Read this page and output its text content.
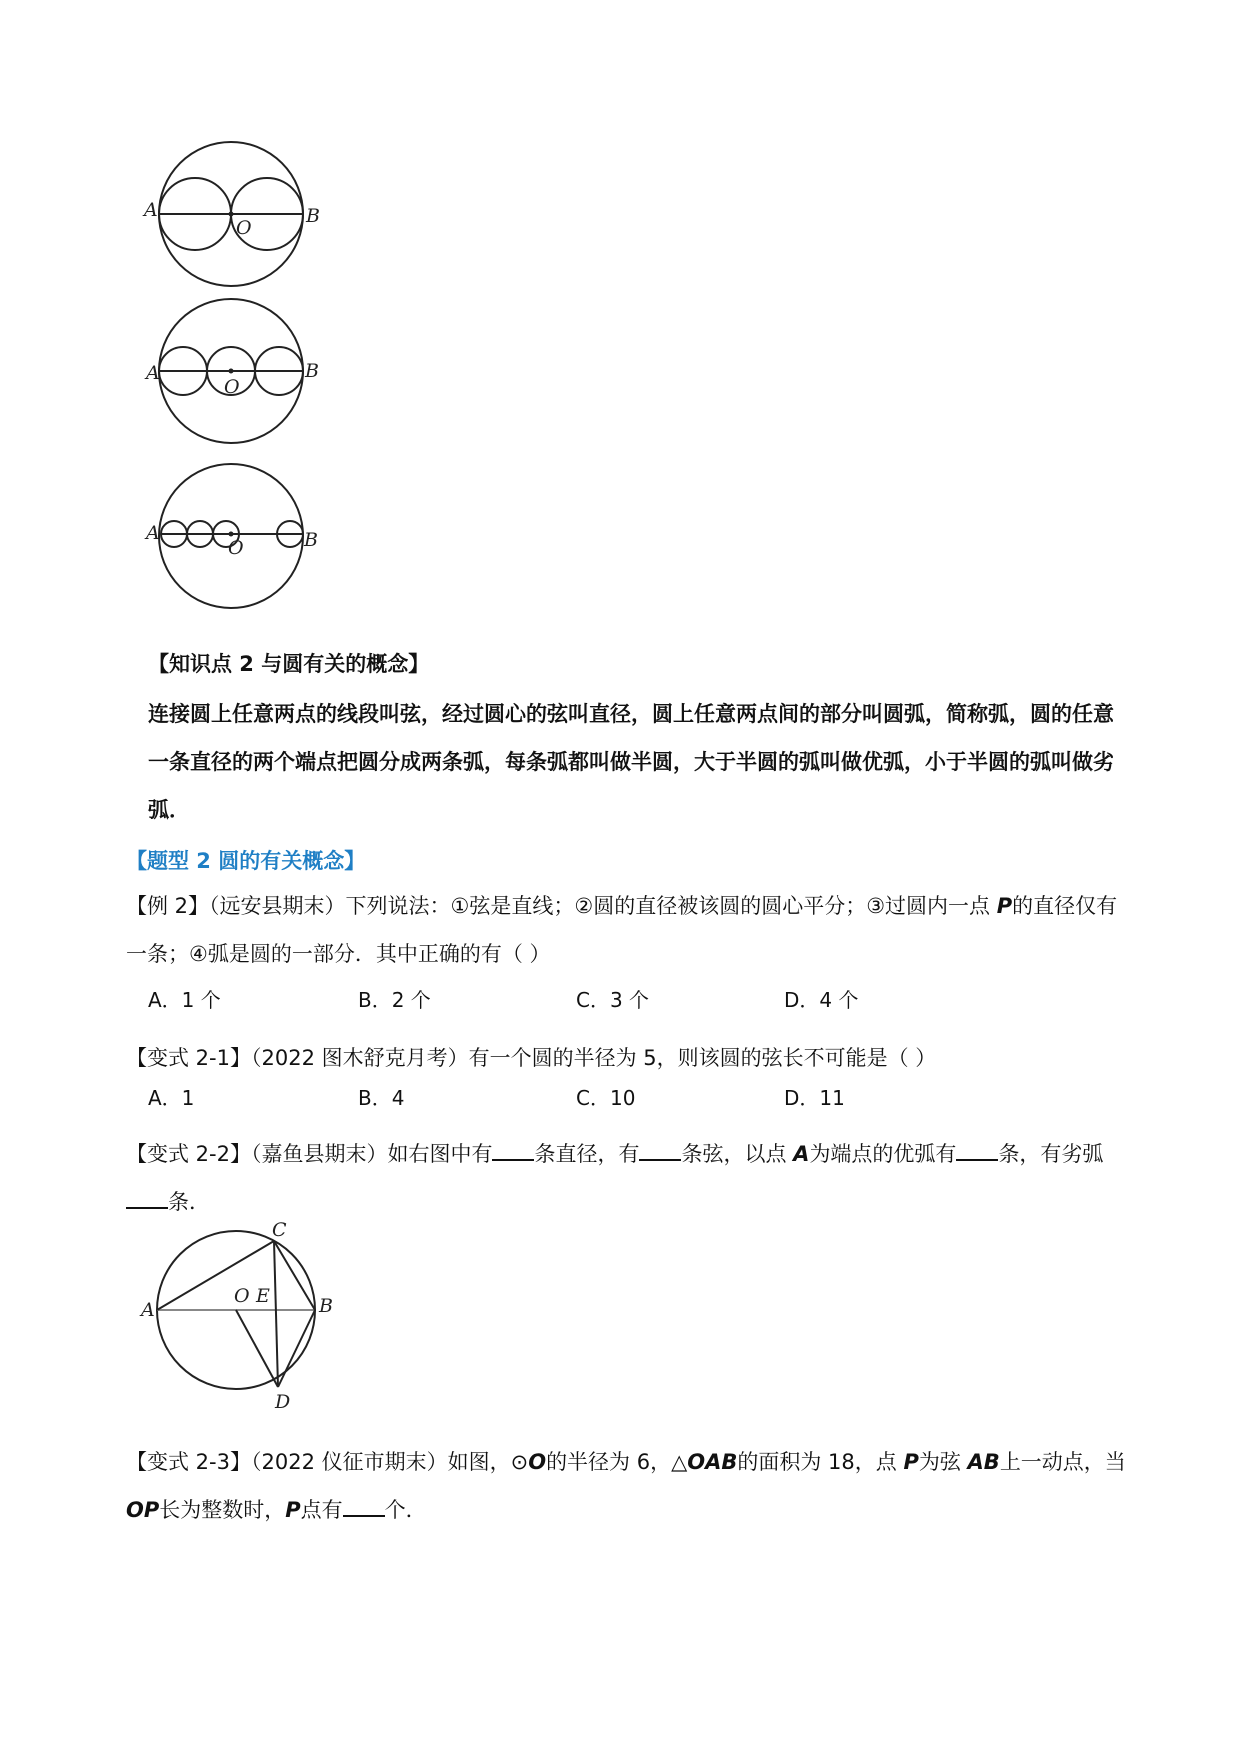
A	B
O
A	B
O
A	B
O
【知识点 2 与圆有关的概念】
连接圆上任意两点的线段叫弦，经过圆心的弦叫直径，圆上任意两点间的部分叫圆弧，简称弧，圆的任意一条直径的两个端点把圆分成两条弧，每条弧都叫做半圆，大于半圆的弧叫做优弧，小于半圆的弧叫做劣弧．
【题型 2 圆的有关概念】
【例 2】（远安县期末）下列说法：①弦是直线；②圆的直径被该圆的圆心平分；③过圆内一点 P的直径仅有一条；④弧是圆的一部分．其中正确的有（ ）
A．1 个	B．2 个	C．3 个	D．4 个
【变式 2-1】（2022 图木舒克月考）有一个圆的半径为 5，则该圆的弦长不可能是（ ）
A．1	B．4	C．10	D．11
【变式 2-2】（嘉鱼县期末）如右图中有 条直径，有 条弦，以点 A为端点的优弧有 条，有劣弧条．
A	B
C
D
O E
【变式 2-3】（2022 仪征市期末）如图，⊙O的半径为 6，△OAB的面积为 18，点 P为弦 AB上一动点，当 OP长为整数时，P点有 个．
